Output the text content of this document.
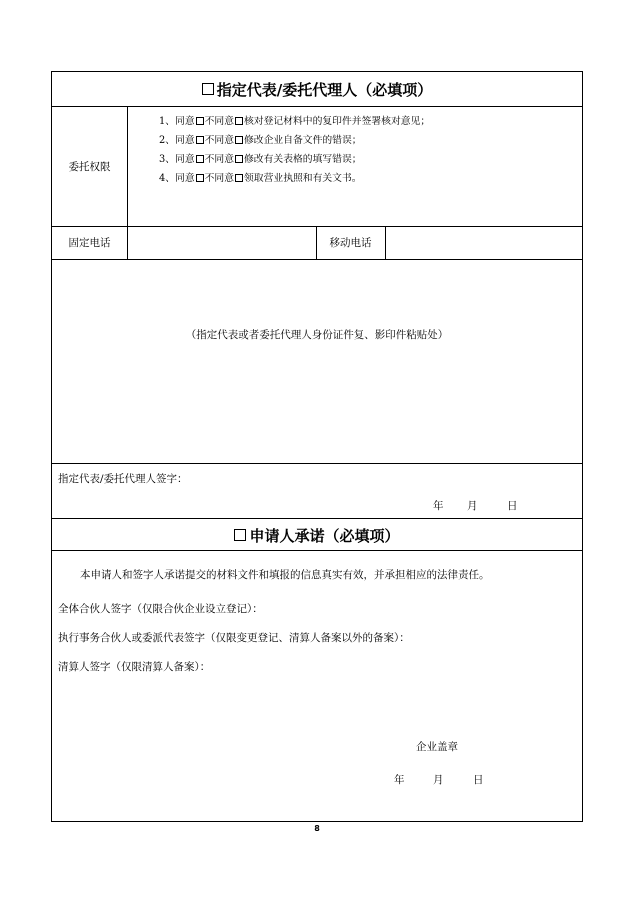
指定代表/委托代理人（必填项）
委托权限
1、同意 不同意 核对登记材料中的复印件并签署核对意见；
2、同意 不同意 修改企业自备文件的错误；
3、同意 不同意 修改有关表格的填写错误；
4、同意 不同意 领取营业执照和有关文书。
固定电话	移动电话
（指定代表或者委托代理人身份证件复、影印件粘贴处）
指定代表/委托代理人签字：
年 月	日
申请人承诺（必填项）
本申请人和签字人承诺提交的材料文件和填报的信息真实有效，并承担相应的法律责任。
全体合伙人签字（仅限合伙企业设立登记）：
执行事务合伙人或委派代表签字（仅限变更登记、清算人备案以外的备案）：
清算人签字（仅限清算人备案）：
企业盖章
年	月	日
8
